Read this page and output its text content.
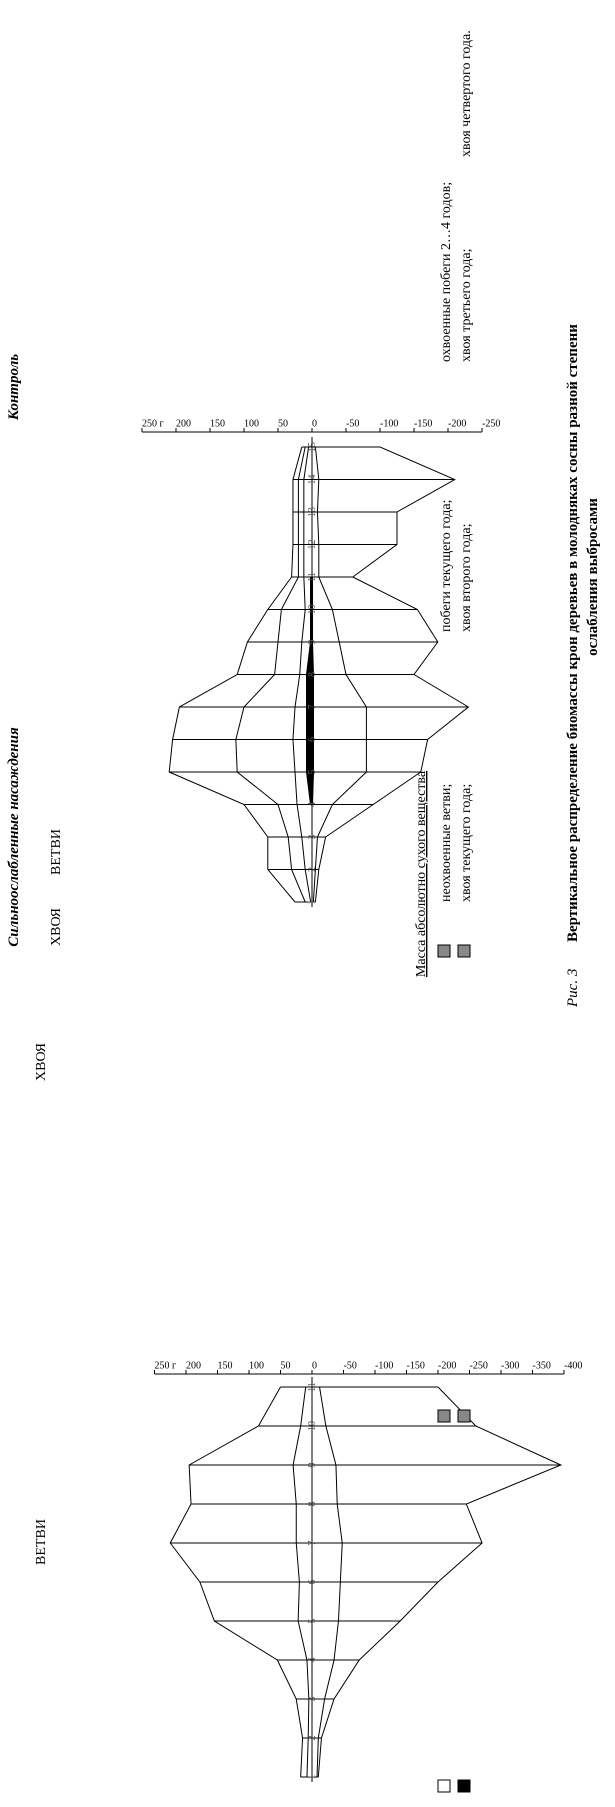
Сильноослабленные насаждения
Контроль
1
2
3
4
5
6
7
8
9
10
11
-400
-350
-300
-250
-200
-150
-100
-50
0
50
100
150
200
250 г
ХВОЯ
ВЕТВИ
1
2
3
4
5
6
7
8
9
10
11
12
13
14
15
-250
-200
-150
-100
-50
0
50
100
150
200
250 г
ХВОЯ
ВЕТВИ	Масса абсолютно сухого вещества неохвоенные ветви;
побеги текущего года;
охвоенные побеги 2…4 годов;
хвоя текущего года;
хвоя второго года;
хвоя третьего года;
хвоя четвертого года.
Рис. 3
Вертикальное распределение биомассы крон деревьев в молодняках сосны разной степени ослабления выбросами
